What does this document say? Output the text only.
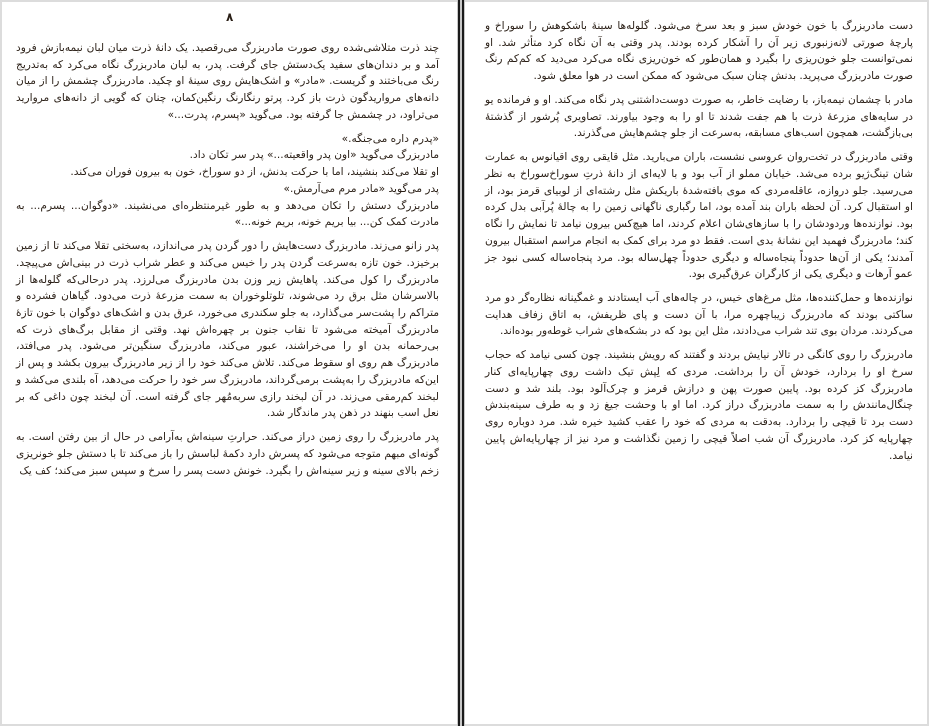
۸

چند ذرت متلاشی‌شده روی صورت مادربزرگ می‌رقصید. یک دانهٔ ذرت میان لبان نیمه‌بازش فرود آمد و بر دندان‌های سفید یک‌دستش جای گرفت. پدر، به لبان مادربزرگ نگاه می‌کرد که به‌تدریج رنگ می‌باختند و گریست. «مادر» و اشک‌هایش روی سینهٔ او چکید. مادربزرگ چشمش را از میان دانه‌های مرواریدگون ذرت باز کرد. پرتو رنگارنگ رنگین‌کمان، چنان که گویی از دانه‌های مروارید می‌تراود، در چشمش جا گرفته بود. می‌گوید «پسرم، پدرت...»

«پدرم داره می‌جنگه.»

مادربزرگ می‌گوید «اون پدر واقعیته...» پدر سر تکان داد.

او تقلا می‌کند بنشیند، اما با حرکت بدنش، از دو سوراخ، خون به بیرون فوران می‌کند.

پدر می‌گوید «مادر مرم می‌آرمش.»

مادربزرگ دستش را تکان می‌دهد و به طور غیرمنتظره‌ای می‌نشیند. «دوگوان... پسرم... به مادرت کمک کن... بیا بریم خونه، بریم خونه...»

پدر زانو می‌زند. مادربزرگ دست‌هایش را دور گردن پدر می‌اندازد، به‌سختی تقلا می‌کند تا از زمین برخیزد. خون تازه به‌سرعت گردن پدر را خیس می‌کند و عطر شراب ذرت در بینی‌اش می‌پیچد. مادربزرگ را کول می‌کند. پاهایش زیر وزن بدن مادربزرگ می‌لرزد. پدر درحالی‌که گلوله‌ها از بالاسرشان مثل برق رد می‌شوند، تلوتلوخوران به سمت مزرعهٔ ذرت می‌دود. گیاهان فشرده و متراکم را پشت‌سر می‌گذارد، به جلو سکندری می‌خورد، عرق بدن و اشک‌های دوگوان با خون تازهٔ مادربزرگ آمیخته می‌شود تا نقاب جنون بر چهره‌اش نهد. وقتی از مقابل برگ‌های ذرت که بی‌رحمانه بدن او را می‌خراشند، عبور می‌کند، مادربزرگ سنگین‌تر می‌شود. پدر می‌افتد، مادربزرگ هم روی او سقوط می‌کند. تلاش می‌کند خود را از زیر مادربزرگ بیرون بکشد و پس از این‌که مادربزرگ را به‌پشت برمی‌گرداند، مادربزرگ سر خود را حرکت می‌دهد، آه بلندی می‌کشد و لبخند کم‌رمقی می‌زند. در آن لبخند رازی سربه‌مُهر جای گرفته است. آن لبخند چون داغی که بر نعل اسب بنهند در ذهن پدر ماندگار شد.

پدر مادربزرگ را روی زمین دراز می‌کند. حرارتِ سینه‌اش به‌آرامی در حال از بین رفتن است. به گونه‌ای مبهم متوجه می‌شود که پسرش دارد دکمهٔ لباسش را باز می‌کند تا با دستش جلو خونریزی زخم بالای سینه و زیر سینه‌اش را بگیرد. خونش دست پسر را سرخ و سپس سبز می‌کند؛ کف یک

دست مادربزرگ با خون خودش سبز و بعد سرخ می‌شود. گلوله‌ها سینهٔ باشکوهش را سوراخ و پارچهٔ صورتی لانه‌زنبوری زیر آن را آشکار کرده بودند. پدر وقتی به آن نگاه کرد متأثر شد. او نمی‌توانست جلو خون‌ریزی را بگیرد و همان‌طور که خون‌ریزی نگاه می‌کرد می‌دید که کم‌کم رنگ صورت مادربزرگ می‌پرید. بدنش چنان سبک می‌شود که ممکن است در هوا معلق شود.

مادر با چشمان نیمه‌باز، با رضایت خاطر، به صورت دوست‌داشتنی پدر نگاه می‌کند. او و فرمانده یو در سایه‌های مزرعهٔ ذرت با هم جفت شدند تا او را به وجود بیاورند. تصاویری پُرشور از گذشتهٔ بی‌بازگشت، همچون اسب‌های مسابقه، به‌سرعت از جلو چشم‌هایش می‌گذرند.

وقتی مادربزرگ در تخت‌روان عروسی نشست، باران می‌بارید. مثل قایقی روی اقیانوس به عمارت شان تینگ‌ژیو برده می‌شد. خیابان مملو از آب بود و با لایه‌ای از دانهٔ ذرتِ سوراخ‌سوراخ به نظر می‌رسید. جلو دروازه، عاقله‌مردی که موی بافته‌شدهٔ باریکش مثل رشته‌ای از لوبیای قرمز بود، از او استقبال کرد. آن لحظه باران بند آمده بود، اما رگباری ناگهانی زمین را به چالهٔ پُرآبی بدل کرده بود. نوازنده‌ها وردودشان را با سازهای‌شان اعلام کردند، اما هیچ‌کس بیرون نیامد تا نمایش را نگاه کند؛ مادربزرگ فهمید این نشانهٔ بدی است. فقط دو مرد برای کمک به انجام مراسم استقبال بیرون آمدند؛ یکی از آن‌ها حدوداً پنجاه‌ساله و دیگری حدوداً چهل‌ساله بود. مرد پنجاه‌ساله کسی نبود جز عمو آرهات و دیگری یکی از کارگران عرق‌گیری بود.

نوازنده‌ها و حمل‌کننده‌ها، مثل مرغ‌های خیس، در چاله‌های آب ایستادند و غمگینانه نظاره‌گر دو مرد ساکتی بودند که مادربزرگ زیباچهره مرا، با آن دست و پای ظریفش، به اتاق زفاف هدایت می‌کردند. مردان بوی تند شراب می‌دادند، مثل این بود که در بشکه‌های شراب غوطه‌ور بوده‌اند.

مادربزرگ را روی کانگی در تالار نیایش بردند و گفتند که رویش بنشیند. چون کسی نیامد که حجاب سرخ او را بردارد، خودش آن را برداشت. مردی که لِپش تیک داشت روی چهارپایه‌ای کنار مادربزرگ کز کرده بود. پایین صورت پهن و درازش قرمز و چرک‌آلود بود. بلند شد و دست چنگال‌مانندش را به سمت مادربزرگ دراز کرد. اما او با وحشت جیغ زد و به طرف سینه‌بندش دست برد تا قیچی را بردارد. به‌دقت به مردی که خود را عقب کشید خیره شد. مرد دوباره روی چهارپایه کز کرد. مادربزرگ آن شب اصلاً قیچی را زمین نگذاشت و مرد نیز از چهارپایه‌اش پایین نیامد.
